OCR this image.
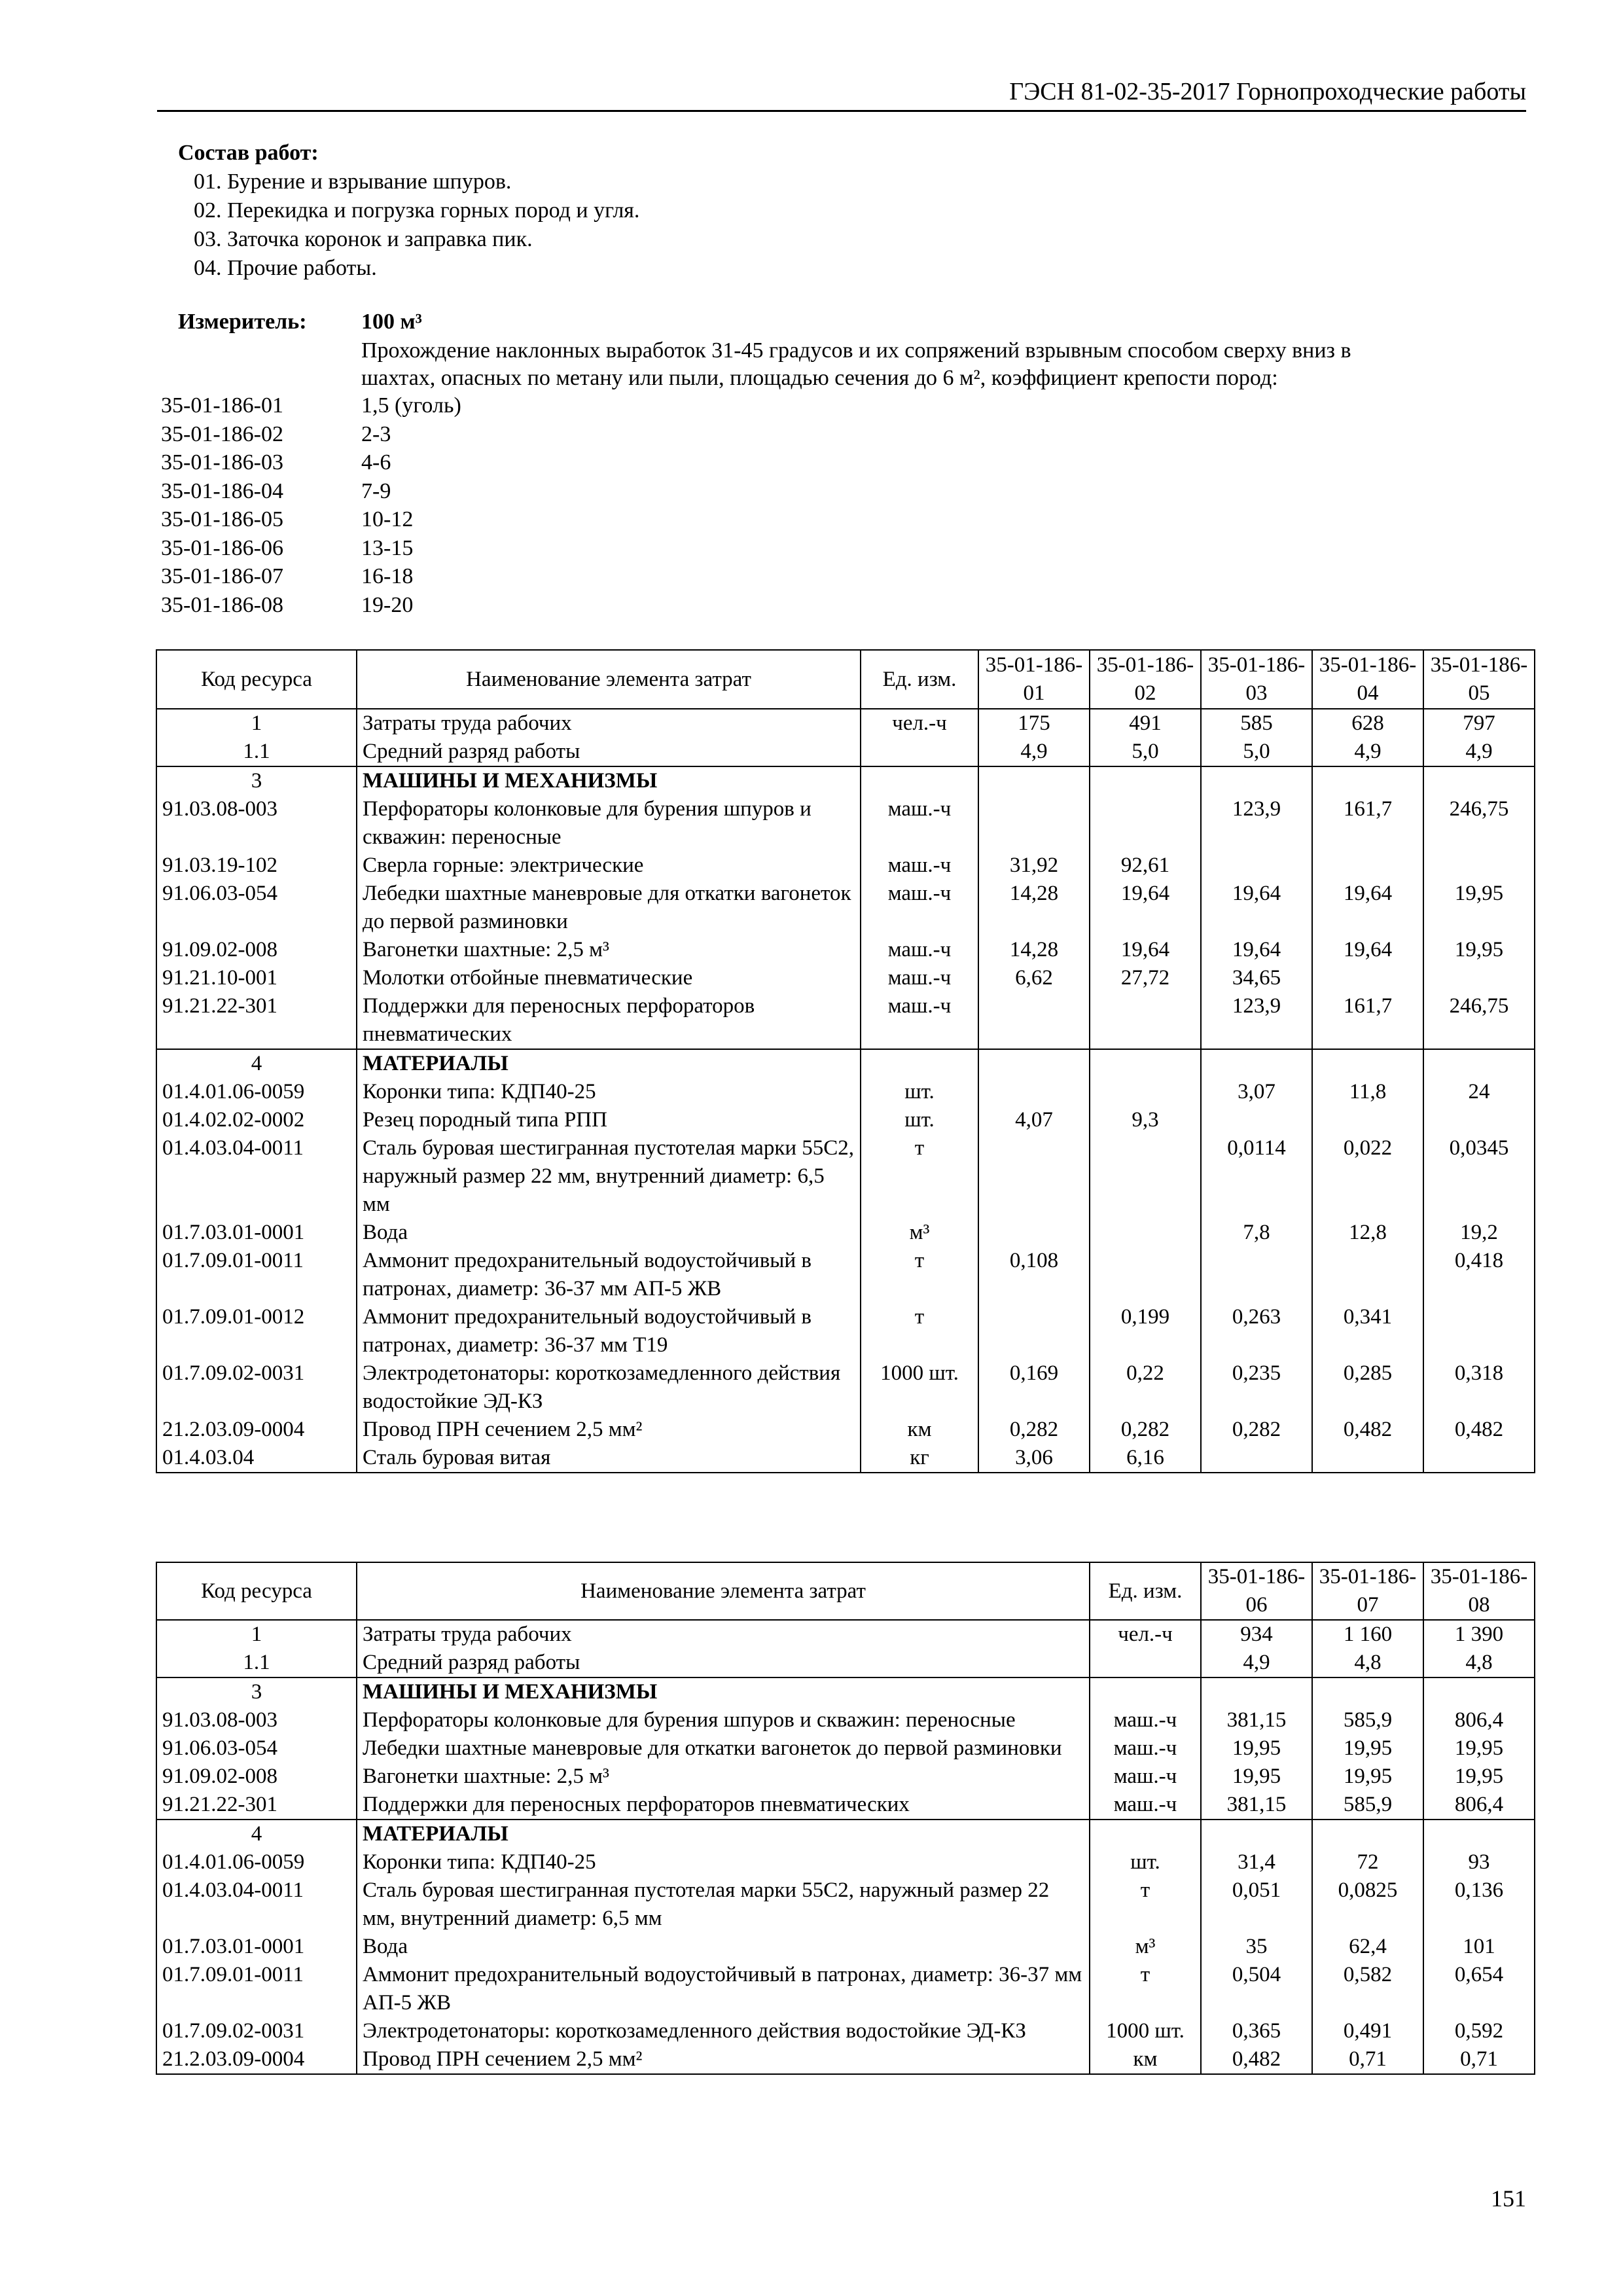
ГЭСН 81-02-35-2017 Горнопроходческие работы
Состав работ:
01. Бурение и взрывание шпуров.
02. Перекидка и погрузка горных пород и угля.
03. Заточка коронок и заправка пик.
04. Прочие работы.
Измеритель: 100 м³
Прохождение наклонных выработок 31-45 градусов и их сопряжений взрывным способом сверху вниз в
шахтах, опасных по метану или пыли, площадью сечения до 6 м², коэффициент крепости пород:
35-01-186-01	1,5 (уголь)
35-01-186-02	2-3
35-01-186-03	4-6
35-01-186-04	7-9
35-01-186-05	10-12
35-01-186-06	13-15
35-01-186-07	16-18
35-01-186-08	19-20
Код ресурса	Наименование элемента затрат	Ед. изм.	35-01-186-01	35-01-186-02	35-01-186-03	35-01-186-04	35-01-186-05
1	Затраты труда рабочих	чел.-ч	175	491	585	628	797
1.1	Средний разряд работы		4,9	5,0	5,0	4,9	4,9
3	МАШИНЫ И МЕХАНИЗМЫ						
91.03.08-003	Перфораторы колонковые для бурения шпуров и скважин: переносные	маш.-ч			123,9	161,7	246,75
91.03.19-102	Сверла горные: электрические	маш.-ч	31,92	92,61			
91.06.03-054	Лебедки шахтные маневровые для откатки вагонеток до первой разминовки	маш.-ч	14,28	19,64	19,64	19,64	19,95
91.09.02-008	Вагонетки шахтные: 2,5 м³	маш.-ч	14,28	19,64	19,64	19,64	19,95
91.21.10-001	Молотки отбойные пневматические	маш.-ч	6,62	27,72	34,65		
91.21.22-301	Поддержки для переносных перфораторов пневматических	маш.-ч			123,9	161,7	246,75
4	МАТЕРИАЛЫ						
01.4.01.06-0059	Коронки типа: КДП40-25	шт.			3,07	11,8	24
01.4.02.02-0002	Резец породный типа РПП	шт.	4,07	9,3			
01.4.03.04-0011	Сталь буровая шестигранная пустотелая марки 55С2, наружный размер 22 мм, внутренний диаметр: 6,5 мм	т			0,0114	0,022	0,0345
01.7.03.01-0001	Вода	м³			7,8	12,8	19,2
01.7.09.01-0011	Аммонит предохранительный водоустойчивый в патронах, диаметр: 36-37 мм АП-5 ЖВ	т	0,108				0,418
01.7.09.01-0012	Аммонит предохранительный водоустойчивый в патронах, диаметр: 36-37 мм Т19	т		0,199	0,263	0,341	
01.7.09.02-0031	Электродетонаторы: короткозамедленного действия водостойкие ЭД-КЗ	1000 шт.	0,169	0,22	0,235	0,285	0,318
21.2.03.09-0004	Провод ПРН сечением 2,5 мм²	км	0,282	0,282	0,282	0,482	0,482
01.4.03.04	Сталь буровая витая	кг	3,06	6,16			
Код ресурса	Наименование элемента затрат	Ед. изм.	35-01-186-06	35-01-186-07	35-01-186-08
1	Затраты труда рабочих	чел.-ч	934	1 160	1 390
1.1	Средний разряд работы		4,9	4,8	4,8
3	МАШИНЫ И МЕХАНИЗМЫ				
91.03.08-003	Перфораторы колонковые для бурения шпуров и скважин: переносные	маш.-ч	381,15	585,9	806,4
91.06.03-054	Лебедки шахтные маневровые для откатки вагонеток до первой разминовки	маш.-ч	19,95	19,95	19,95
91.09.02-008	Вагонетки шахтные: 2,5 м³	маш.-ч	19,95	19,95	19,95
91.21.22-301	Поддержки для переносных перфораторов пневматических	маш.-ч	381,15	585,9	806,4
4	МАТЕРИАЛЫ				
01.4.01.06-0059	Коронки типа: КДП40-25	шт.	31,4	72	93
01.4.03.04-0011	Сталь буровая шестигранная пустотелая марки 55С2, наружный размер 22 мм, внутренний диаметр: 6,5 мм	т	0,051	0,0825	0,136
01.7.03.01-0001	Вода	м³	35	62,4	101
01.7.09.01-0011	Аммонит предохранительный водоустойчивый в патронах, диаметр: 36-37 мм АП-5 ЖВ	т	0,504	0,582	0,654
01.7.09.02-0031	Электродетонаторы: короткозамедленного действия водостойкие ЭД-КЗ	1000 шт.	0,365	0,491	0,592
21.2.03.09-0004	Провод ПРН сечением 2,5 мм²	км	0,482	0,71	0,71
151
